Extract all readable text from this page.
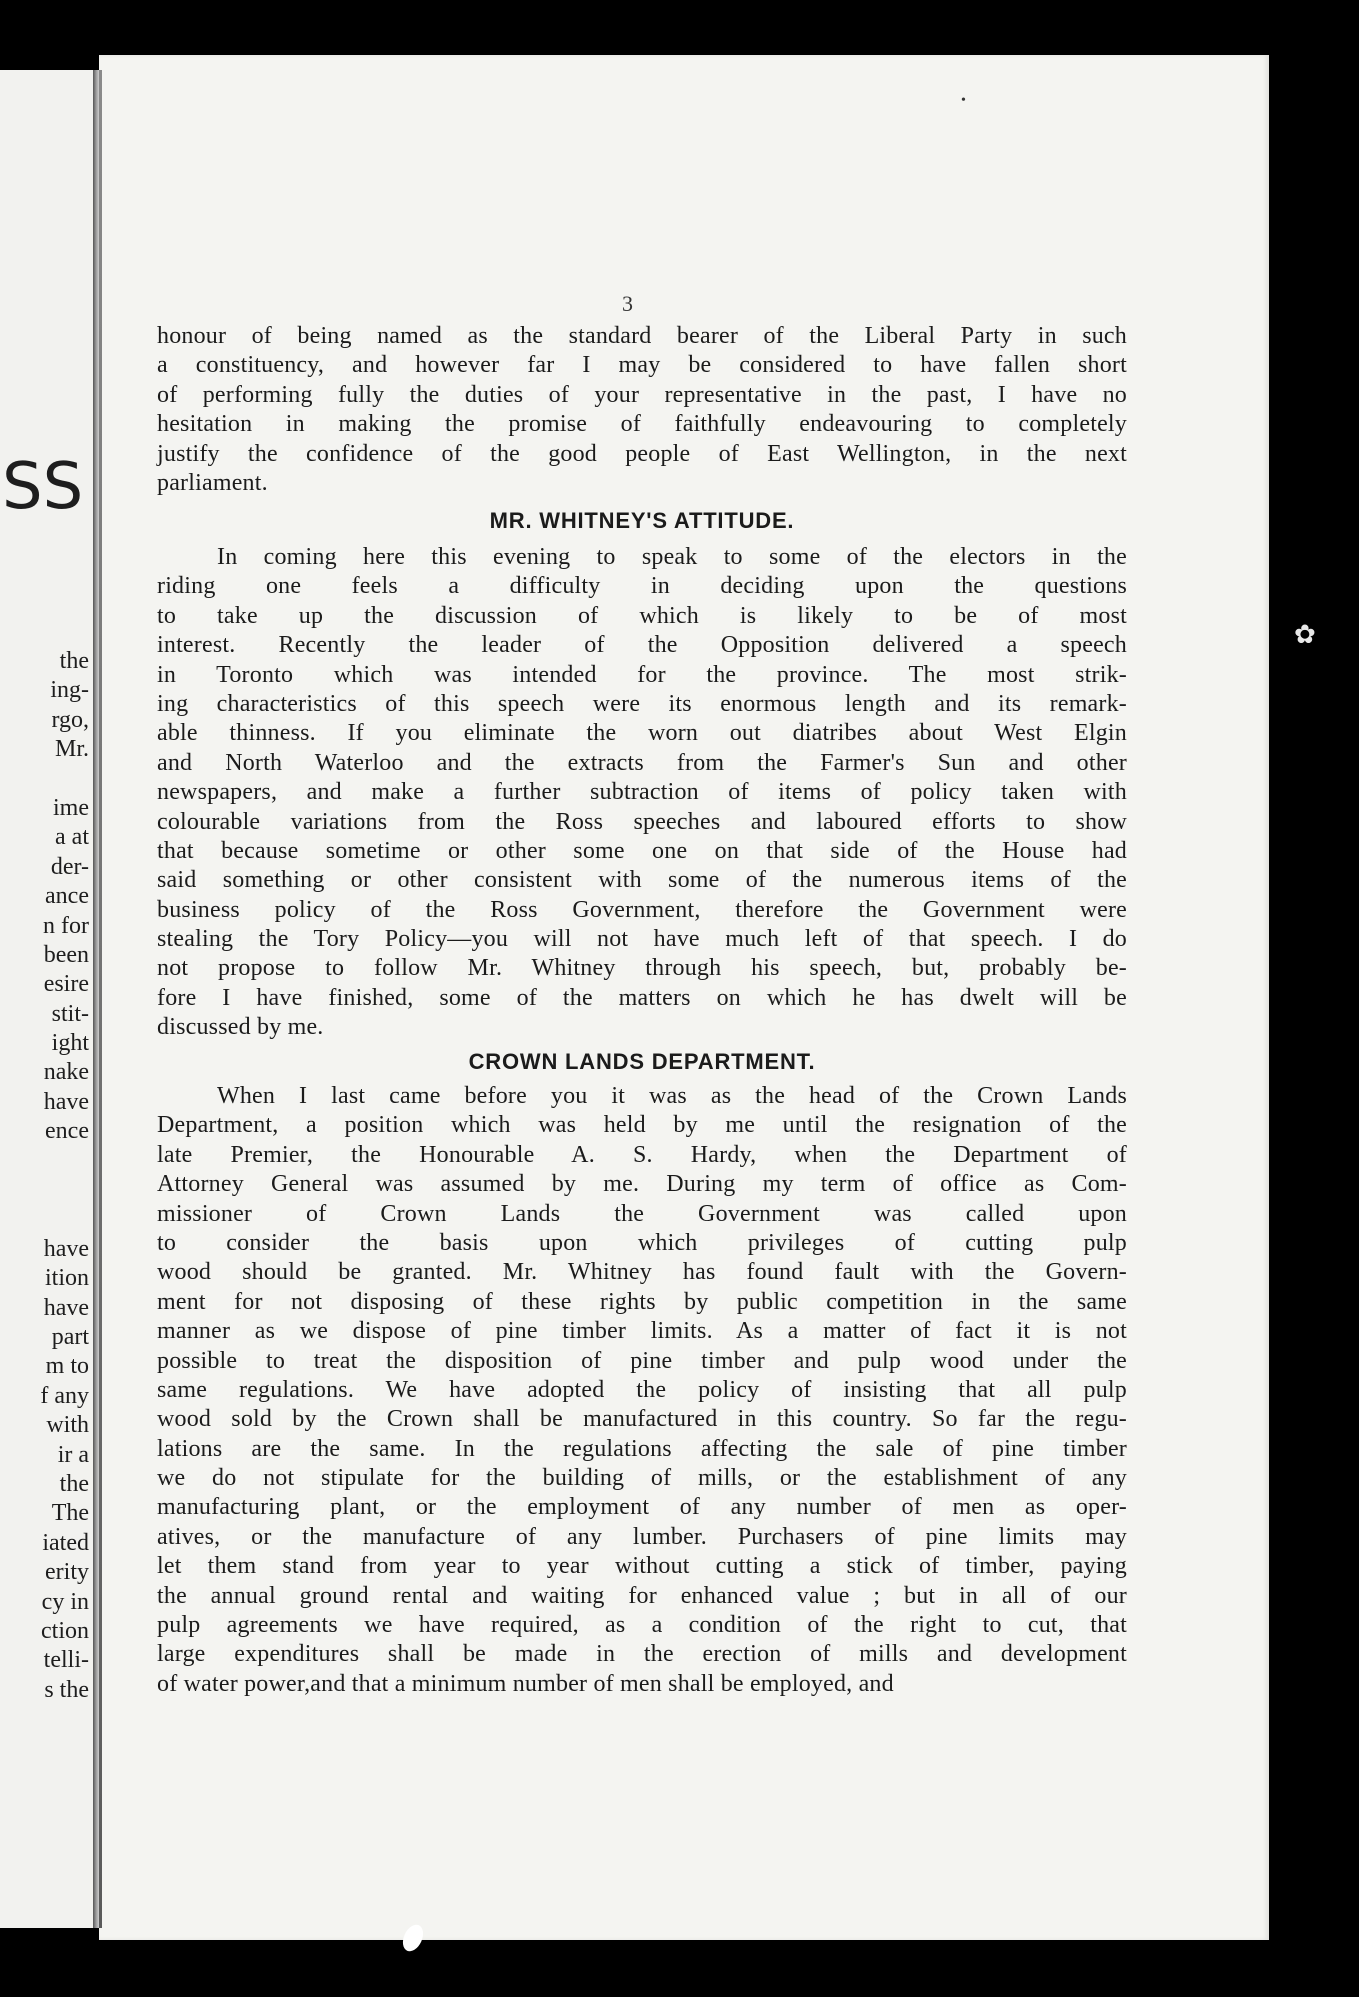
SS
the
ing-
rgo,
Mr.
ime
a at
der-
ance
n for
been
esire
stit-
ight
nake
have
ence
have
ition
have
part
m to
f any
with
ir a
the
The
iated
erity
cy in
ction
telli-
s the
•
3

honour of being named as the standard bearer of the Liberal Party in such
a constituency, and however far I may be considered to have fallen short
of performing fully the duties of your representative in the past, I have no
hesitation in making the promise of faithfully endeavouring to completely
justify the confidence of the good people of East Wellington, in the next
parliament.

MR. WHITNEY'S ATTITUDE.

In coming here this evening to speak to some of the electors in the
riding one feels a difficulty in deciding upon the questions
to take up the discussion of which is likely to be of most
interest. Recently the leader of the Opposition delivered a speech
in Toronto which was intended for the province. The most strik-
ing characteristics of this speech were its enormous length and its remark-
able thinness. If you eliminate the worn out diatribes about West Elgin
and North Waterloo and the extracts from the Farmer's Sun and other
newspapers, and make a further subtraction of items of policy taken with
colourable variations from the Ross speeches and laboured efforts to show
that because sometime or other some one on that side of the House had
said something or other consistent with some of the numerous items of the
business policy of the Ross Government, therefore the Government were
stealing the Tory Policy—you will not have much left of that speech. I do
not propose to follow Mr. Whitney through his speech, but, probably be-
fore I have finished, some of the matters on which he has dwelt will be
discussed by me.

CROWN LANDS DEPARTMENT.

When I last came before you it was as the head of the Crown Lands
Department, a position which was held by me until the resignation of the
late Premier, the Honourable A. S. Hardy, when the Department of
Attorney General was assumed by me. During my term of office as Com-
missioner of Crown Lands the Government was called upon
to consider the basis upon which privileges of cutting pulp
wood should be granted. Mr. Whitney has found fault with the Govern-
ment for not disposing of these rights by public competition in the same
manner as we dispose of pine timber limits. As a matter of fact it is not
possible to treat the disposition of pine timber and pulp wood under the
same regulations. We have adopted the policy of insisting that all pulp
wood sold by the Crown shall be manufactured in this country. So far the regu-
lations are the same. In the regulations affecting the sale of pine timber
we do not stipulate for the building of mills, or the establishment of any
manufacturing plant, or the employment of any number of men as oper-
atives, or the manufacture of any lumber. Purchasers of pine limits may
let them stand from year to year without cutting a stick of timber, paying
the annual ground rental and waiting for enhanced value ; but in all of our
pulp agreements we have required, as a condition of the right to cut, that
large expenditures shall be made in the erection of mills and development
of water power,and that a minimum number of men shall be employed, and

✿
